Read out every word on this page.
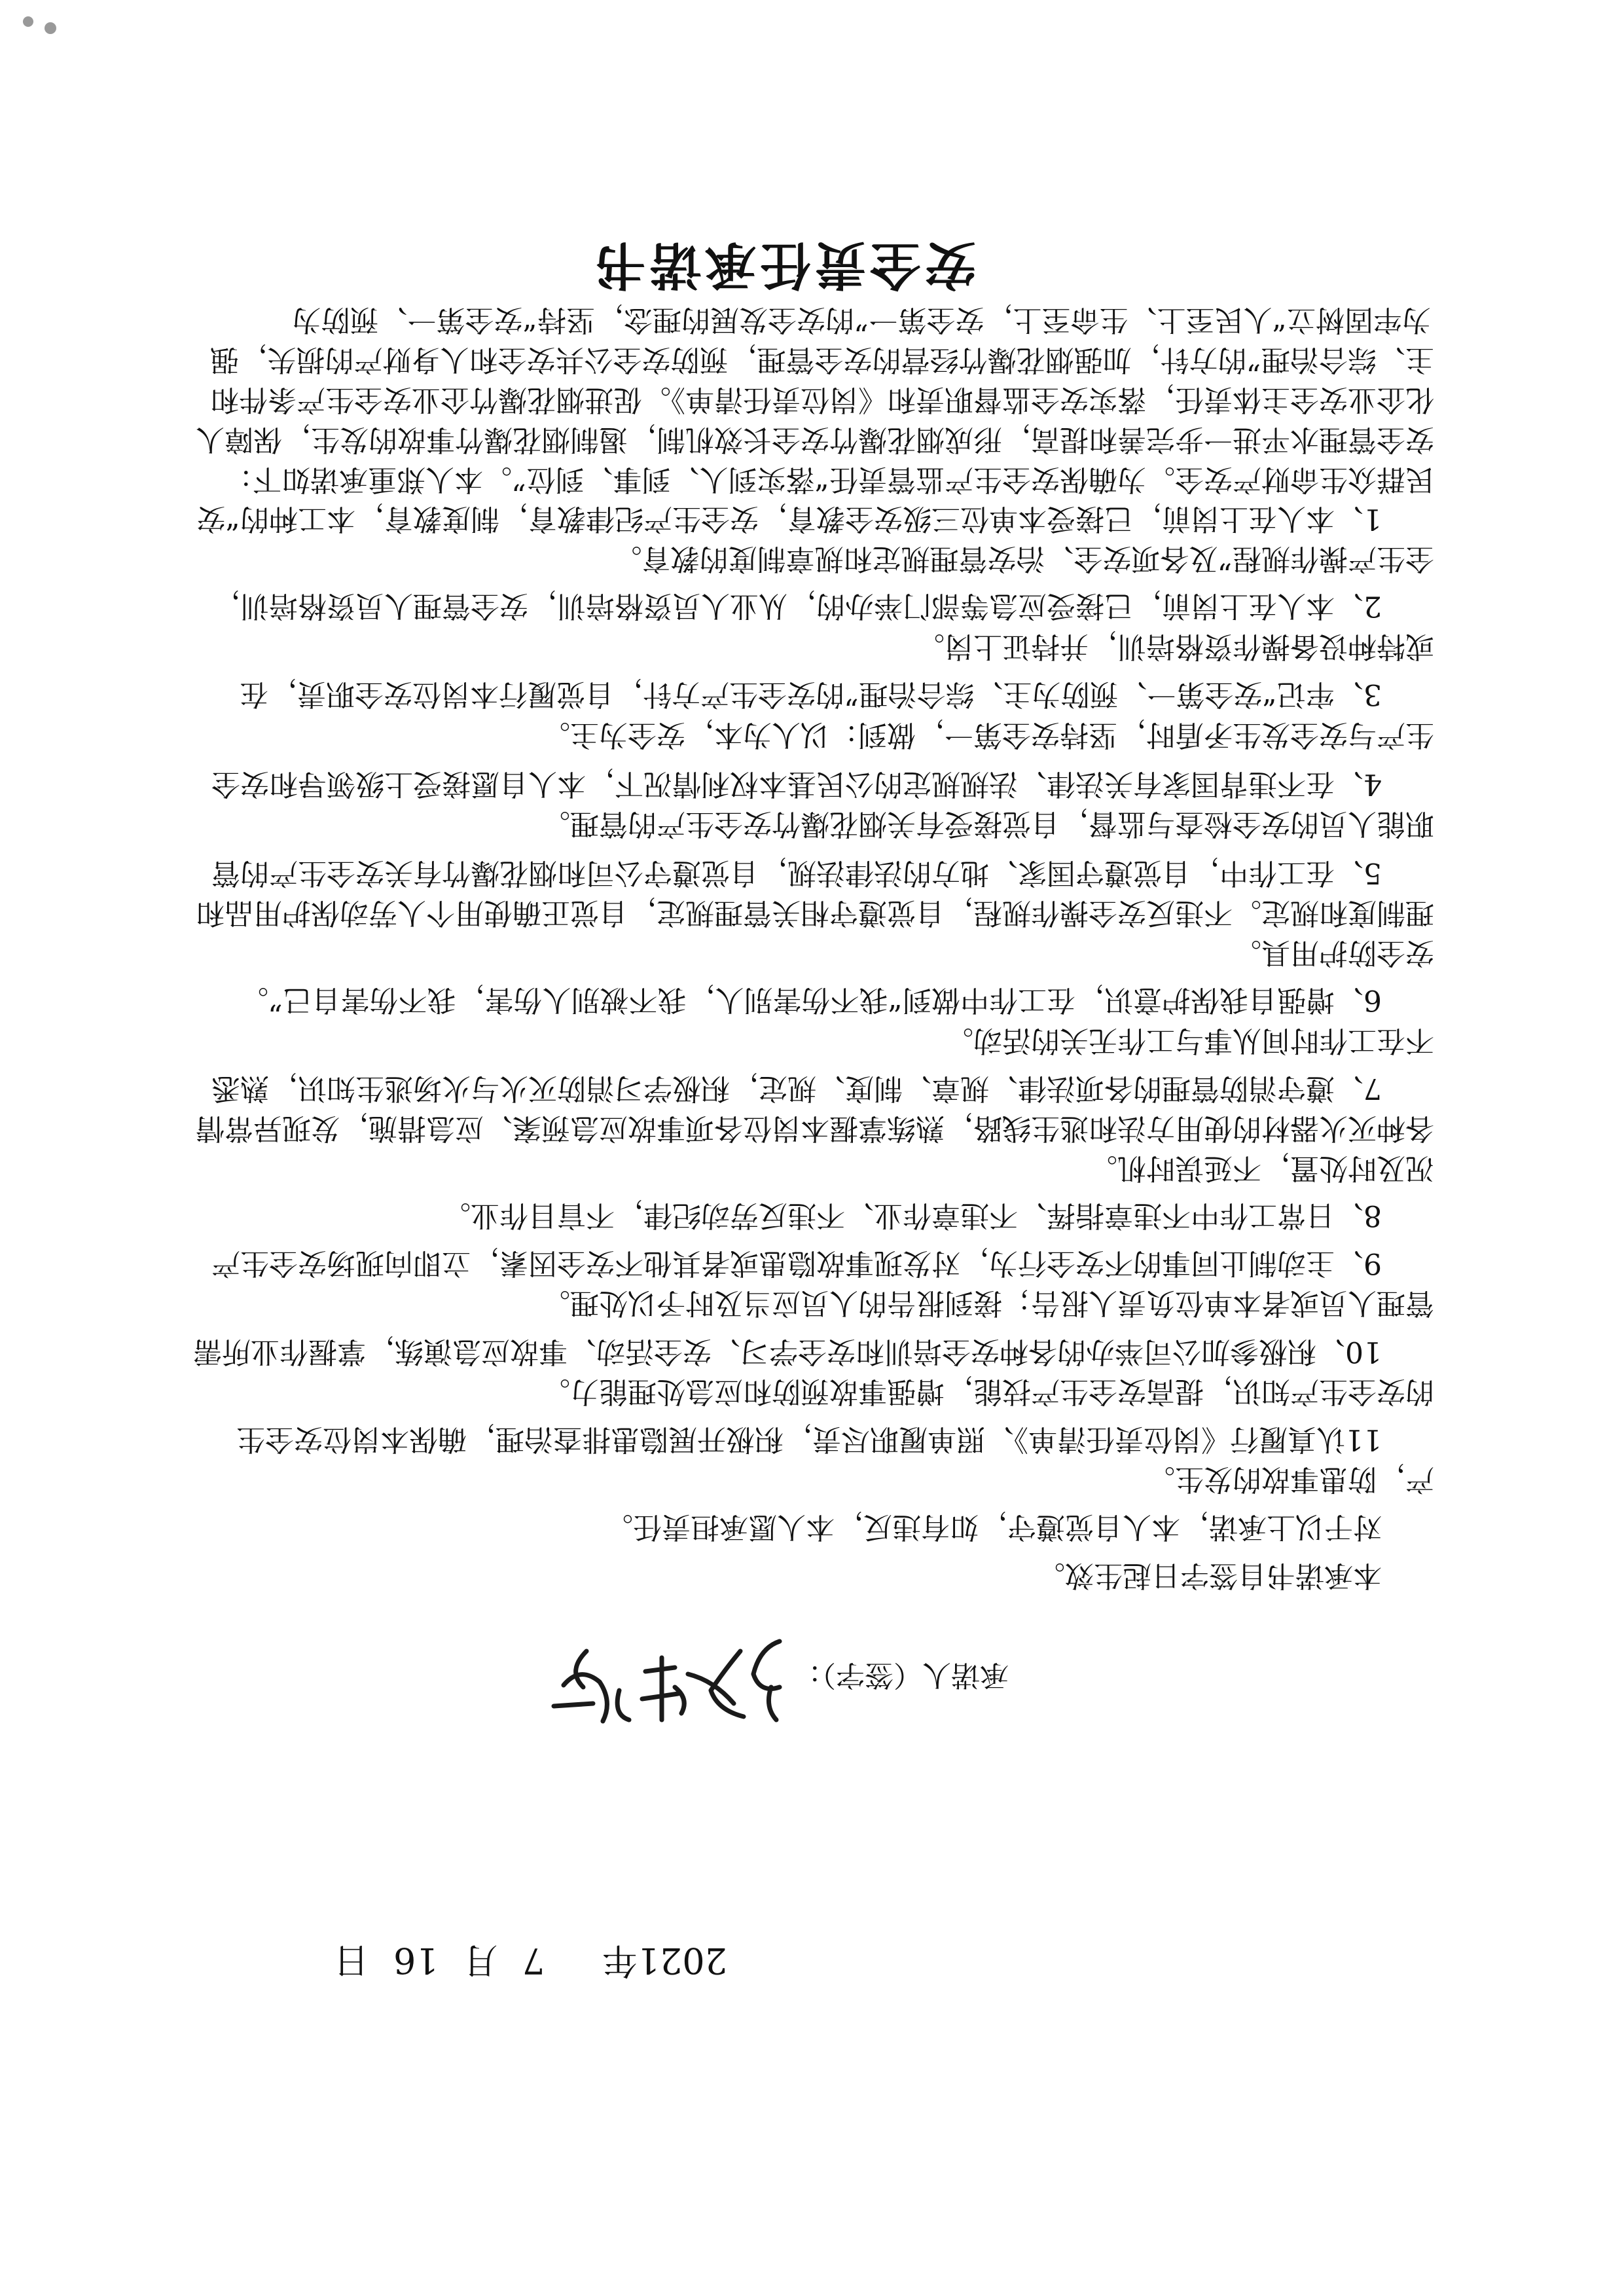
安全责任承诺书
为牢固树立“人民至上、生命至上，安全第一”的安全发展的理念，坚持“安全第一、预防为
主、综合治理”的方针，加强烟花爆竹经营的安全管理，预防安全公共安全和人身财产的损失，强
化企业安全主体责任，落实安全监督职责和《岗位责任清单》。促进烟花爆竹企业安全生产条件和
安全管理水平进一步完善和提高，形成烟花爆竹安全长效机制，遏制烟花爆竹事故的发生，保障人
民群众生命财产安全。为确保安全生产监管责任“落实到人、到事、到位”。本人郑重承诺如下：
1、本人在上岗前，已接受本单位三级安全教育，安全生产纪律教育，制度教育，本工种的“安
全生产操作规程”及各项安全、治安管理规定和规章制度的教育。
2、本人在上岗前，已接受应急等部门举办的，从业人员资格培训，安全管理人员资格培训，
或特种设备操作资格培训，并持证上岗。
3、牢记“安全第一、预防为主、综合治理”的安全生产方针，自觉履行本岗位安全职责，在
生产与安全发生矛盾时，坚持安全第一，做到：以人为本，安全为主。
4、在不违背国家有关法律、法规规定的公民基本权利情况下，本人自愿接受上级领导和安全
职能人员的安全检查与监督，自觉接受有关烟花爆竹安全生产的管理。
5、在工作中，自觉遵守国家、地方的法律法规，自觉遵守公司和烟花爆竹有关安全生产的管
理制度和规定。不违反安全操作规程，自觉遵守相关管理规定，自觉正确使用个人劳动保护用品和
安全防护用具。
6、增强自我保护意识，在工作中做到“我不伤害别人，我不被别人伤害，我不伤害自己”。
不在工作时间从事与工作无关的活动。
7、遵守消防管理的各项法律、规章、制度、规定，积极学习消防灭火与火场逃生知识，熟悉
各种灭火器材的使用方法和逃生线路，熟练掌握本岗位各项事故应急预案、应急措施，发现异常情
况及时处置，不延误时机。
8、日常工作中不违章指挥、不违章作业、不违反劳动纪律，不盲目作业。
9、主动制止同事的不安全行为，对发现事故隐患或者其他不安全因素，立即向现场安全生产
管理人员或者本单位负责人报告；接到报告的人员应当及时予以处理。
10、积极参加公司举办的各种安全培训和安全学习、安全活动、事故应急演练，掌握作业所需
的安全生产知识，提高安全生产技能，增强事故预防和应急处理能力。
11认真履行《岗位责任清单》、照单履职尽责，积极开展隐患排查治理，确保本岗位安全生
产，防患事故的发生。
对于以上承诺，本人自觉遵守，如有违反，本人愿承担责任。
本承诺书自签字日起生效。
承诺人（签字）：
2021年 7 月 16 日
